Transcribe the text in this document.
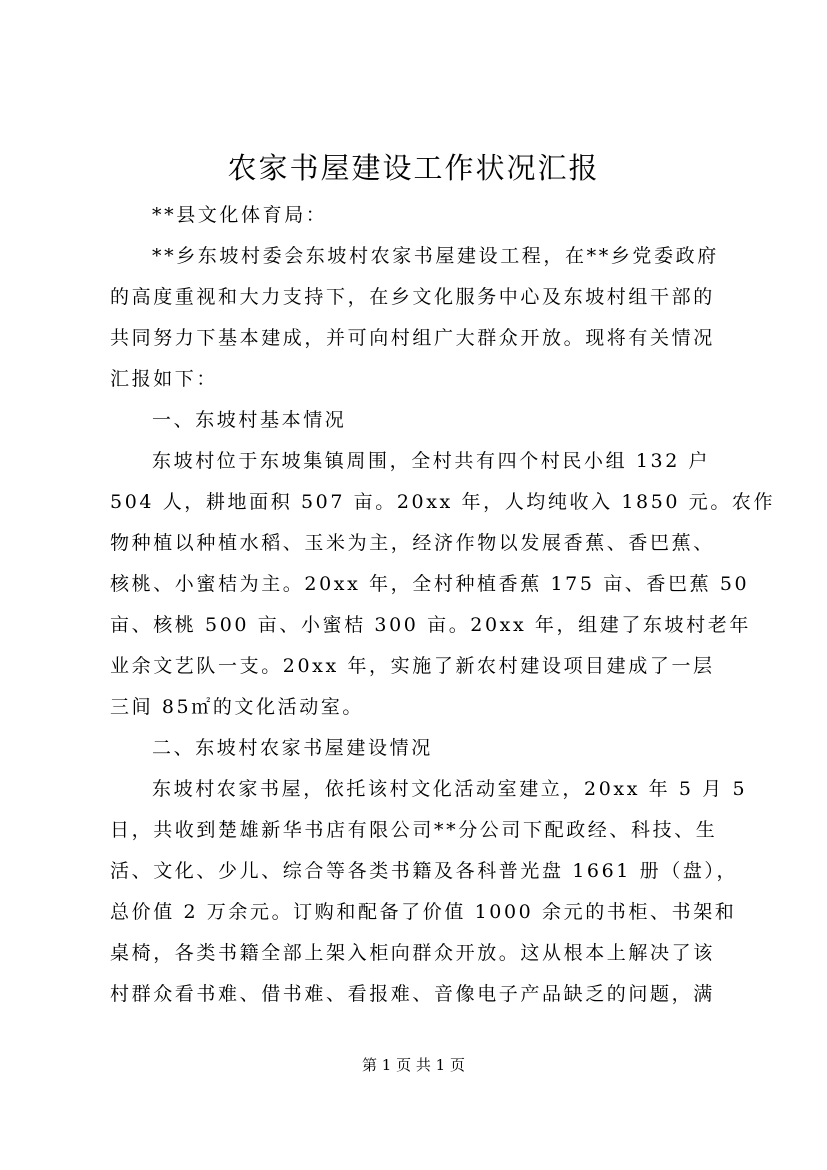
农家书屋建设工作状况汇报
**县文化体育局：
**乡东坡村委会东坡村农家书屋建设工程，在**乡党委政府
的高度重视和大力支持下，在乡文化服务中心及东坡村组干部的
共同努力下基本建成，并可向村组广大群众开放。现将有关情况
汇报如下：
一、东坡村基本情况
东坡村位于东坡集镇周围，全村共有四个村民小组 132 户
504 人，耕地面积 507 亩。20xx 年，人均纯收入 1850 元。农作
物种植以种植水稻、玉米为主，经济作物以发展香蕉、香巴蕉、
核桃、小蜜桔为主。20xx 年，全村种植香蕉 175 亩、香巴蕉 50
亩、核桃 500 亩、小蜜桔 300 亩。20xx 年，组建了东坡村老年
业余文艺队一支。20xx 年，实施了新农村建设项目建成了一层
三间 85㎡的文化活动室。
二、东坡村农家书屋建设情况
东坡村农家书屋，依托该村文化活动室建立，20xx 年 5 月 5
日，共收到楚雄新华书店有限公司**分公司下配政经、科技、生
活、文化、少儿、综合等各类书籍及各科普光盘 1661 册（盘），
总价值 2 万余元。订购和配备了价值 1000 余元的书柜、书架和
桌椅，各类书籍全部上架入柜向群众开放。这从根本上解决了该
村群众看书难、借书难、看报难、音像电子产品缺乏的问题，满
第 1 页 共 1 页
